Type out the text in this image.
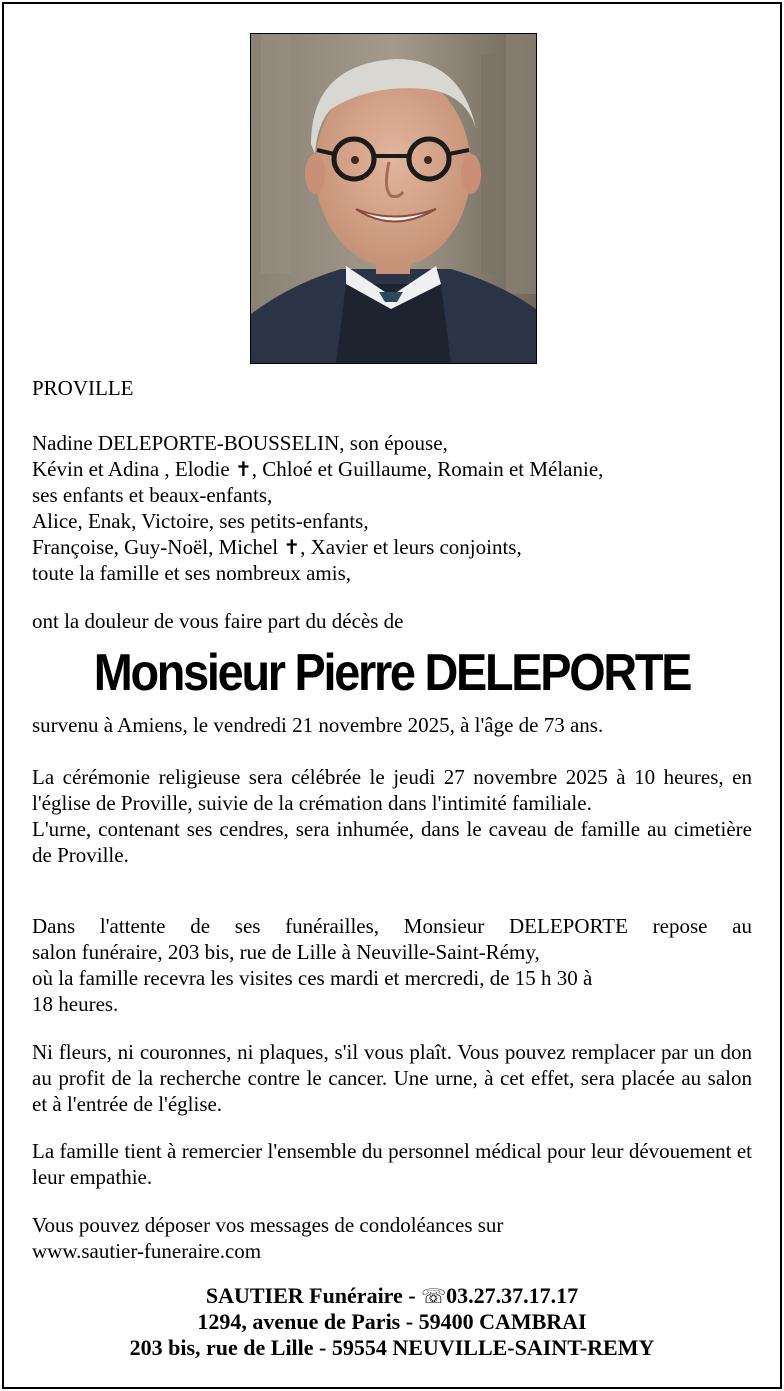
PROVILLE

Nadine DELEPORTE-BOUSSELIN, son épouse,

Kévin et Adina , Elodie ✝, Chloé et Guillaume, Romain et Mélanie,

ses enfants et beaux-enfants,

Alice, Enak, Victoire, ses petits-enfants,

Françoise, Guy-Noël, Michel ✝, Xavier et leurs conjoints,

toute la famille et ses nombreux amis,

ont la douleur de vous faire part du décès de

Monsieur Pierre DELEPORTE

survenu à Amiens, le vendredi 21 novembre 2025, à l'âge de 73 ans.

La cérémonie religieuse sera célébrée le jeudi 27 novembre 2025 à 10 heures, en l'église de Proville, suivie de la crémation dans l'intimité familiale.

L'urne, contenant ses cendres, sera inhumée, dans le caveau de famille au cimetière de Proville.

Dans l'attente de ses funérailles, Monsieur DELEPORTE repose au

salon funéraire, 203 bis, rue de Lille à Neuville-Saint-Rémy,

où la famille recevra les visites ces mardi et mercredi, de 15 h 30 à

18 heures.

Ni fleurs, ni couronnes, ni plaques, s'il vous plaît. Vous pouvez remplacer par un don au profit de la recherche contre le cancer. Une urne, à cet effet, sera placée au salon et à l'entrée de l'église.

La famille tient à remercier l'ensemble du personnel médical pour leur dévouement et leur empathie.

Vous pouvez déposer vos messages de condoléances sur

www.sautier-funeraire.com

SAUTIER Funéraire - ☏03.27.37.17.17

1294, avenue de Paris - 59400 CAMBRAI

203 bis, rue de Lille - 59554 NEUVILLE-SAINT-REMY
